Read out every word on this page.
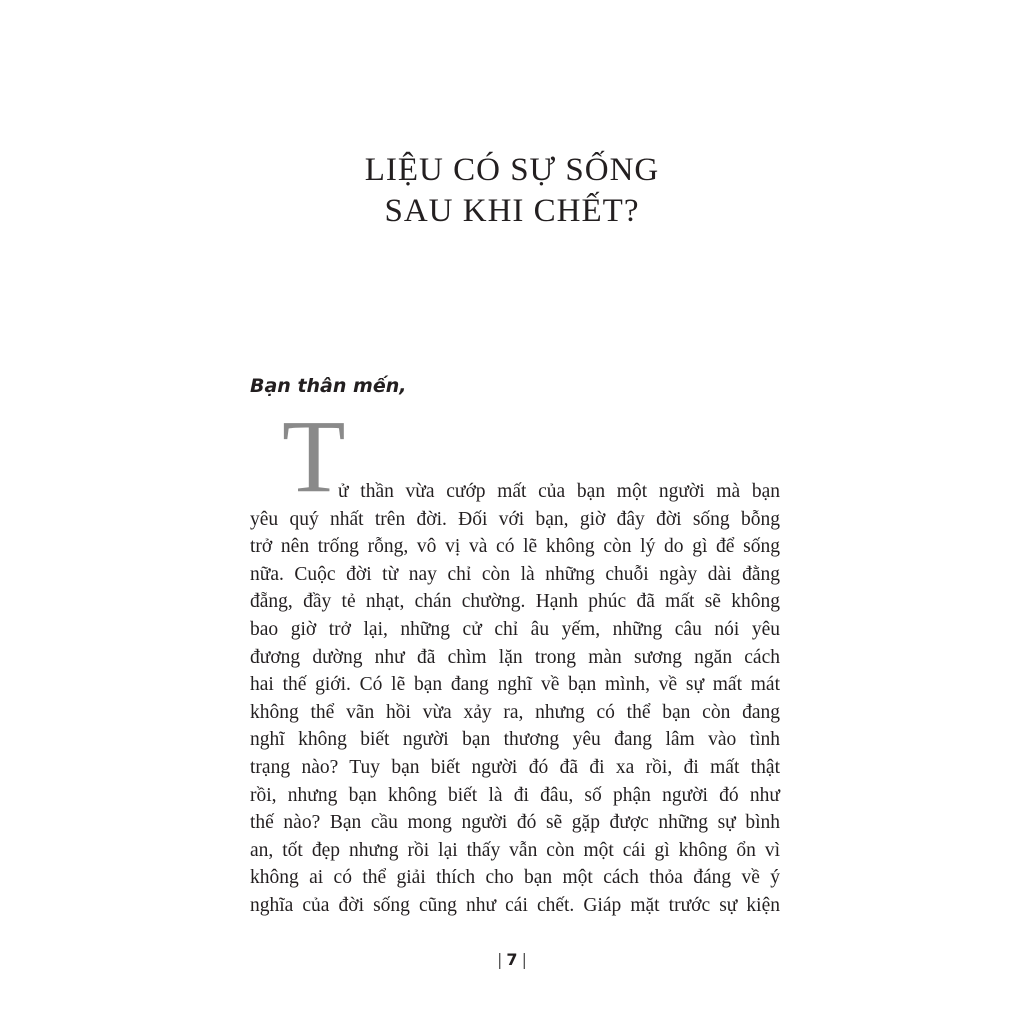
LIỆU CÓ SỰ SỐNG
SAU KHI CHẾT?
Bạn thân mến,
T
ử thần vừa cướp mất của bạn một người mà bạn
yêu quý nhất trên đời. Đối với bạn, giờ đây đời sống bỗng
trở nên trống rỗng, vô vị và có lẽ không còn lý do gì để sống
nữa. Cuộc đời từ nay chỉ còn là những chuỗi ngày dài đằng
đẵng, đầy tẻ nhạt, chán chường. Hạnh phúc đã mất sẽ không
bao giờ trở lại, những cử chỉ âu yếm, những câu nói yêu
đương dường như đã chìm lặn trong màn sương ngăn cách
hai thế giới. Có lẽ bạn đang nghĩ về bạn mình, về sự mất mát
không thể vãn hồi vừa xảy ra, nhưng có thể bạn còn đang
nghĩ không biết người bạn thương yêu đang lâm vào tình
trạng nào? Tuy bạn biết người đó đã đi xa rồi, đi mất thật
rồi, nhưng bạn không biết là đi đâu, số phận người đó như
thế nào? Bạn cầu mong người đó sẽ gặp được những sự bình
an, tốt đẹp nhưng rồi lại thấy vẫn còn một cái gì không ổn vì
không ai có thể giải thích cho bạn một cách thỏa đáng về ý
nghĩa của đời sống cũng như cái chết. Giáp mặt trước sự kiện
| 7 |
